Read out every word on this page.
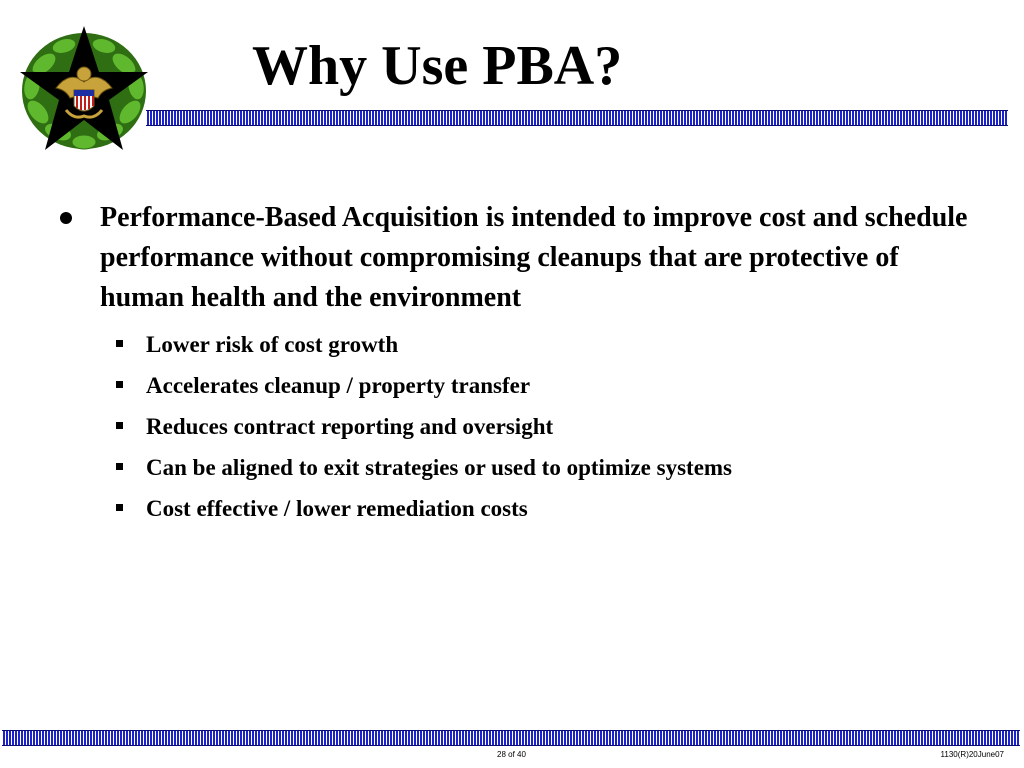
Why Use PBA?
Performance-Based Acquisition is intended to improve cost and schedule performance without compromising cleanups that are protective of human health and the environment
Lower risk of cost growth
Accelerates cleanup / property transfer
Reduces contract reporting and oversight
Can be aligned to exit strategies or used to optimize systems
Cost effective / lower remediation costs
28 of 40	1130(R)20June07
